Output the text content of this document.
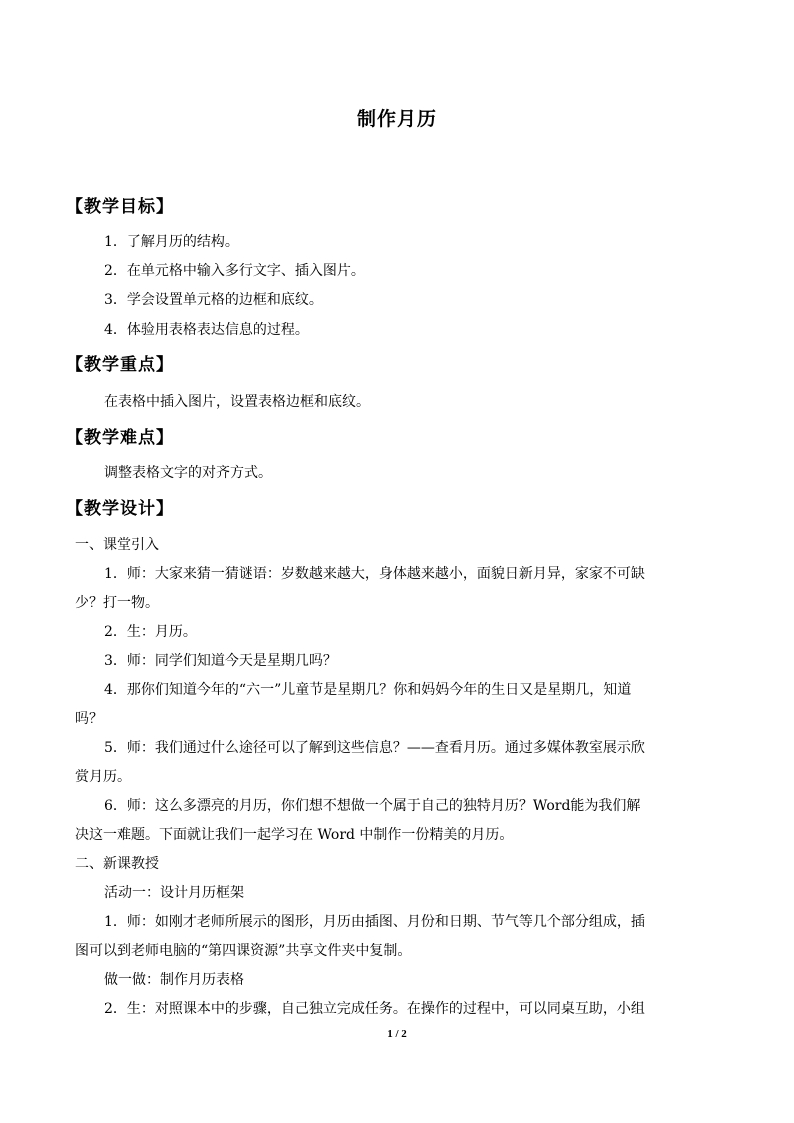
制作月历
【教学目标】
1．了解月历的结构。
2．在单元格中输入多行文字、插入图片。
3．学会设置单元格的边框和底纹。
4．体验用表格表达信息的过程。
【教学重点】
在表格中插入图片，设置表格边框和底纹。
【教学难点】
调整表格文字的对齐方式。
【教学设计】
一、课堂引入
1．师：大家来猜一猜谜语：岁数越来越大，身体越来越小，面貌日新月异，家家不可缺
少？打一物。
2．生：月历。
3．师：同学们知道今天是星期几吗？
4．那你们知道今年的“六一”儿童节是星期几？你和妈妈今年的生日又是星期几，知道
吗？
5．师：我们通过什么途径可以了解到这些信息？——查看月历。通过多媒体教室展示欣
赏月历。
6．师：这么多漂亮的月历，你们想不想做一个属于自己的独特月历？Word能为我们解
决这一难题。下面就让我们一起学习在 Word 中制作一份精美的月历。
二、新课教授
活动一：设计月历框架
1．师：如刚才老师所展示的图形，月历由插图、月份和日期、节气等几个部分组成，插
图可以到老师电脑的“第四课资源”共享文件夹中复制。
做一做：制作月历表格
2．生：对照课本中的步骤，自己独立完成任务。在操作的过程中，可以同桌互助，小组
1 / 2
